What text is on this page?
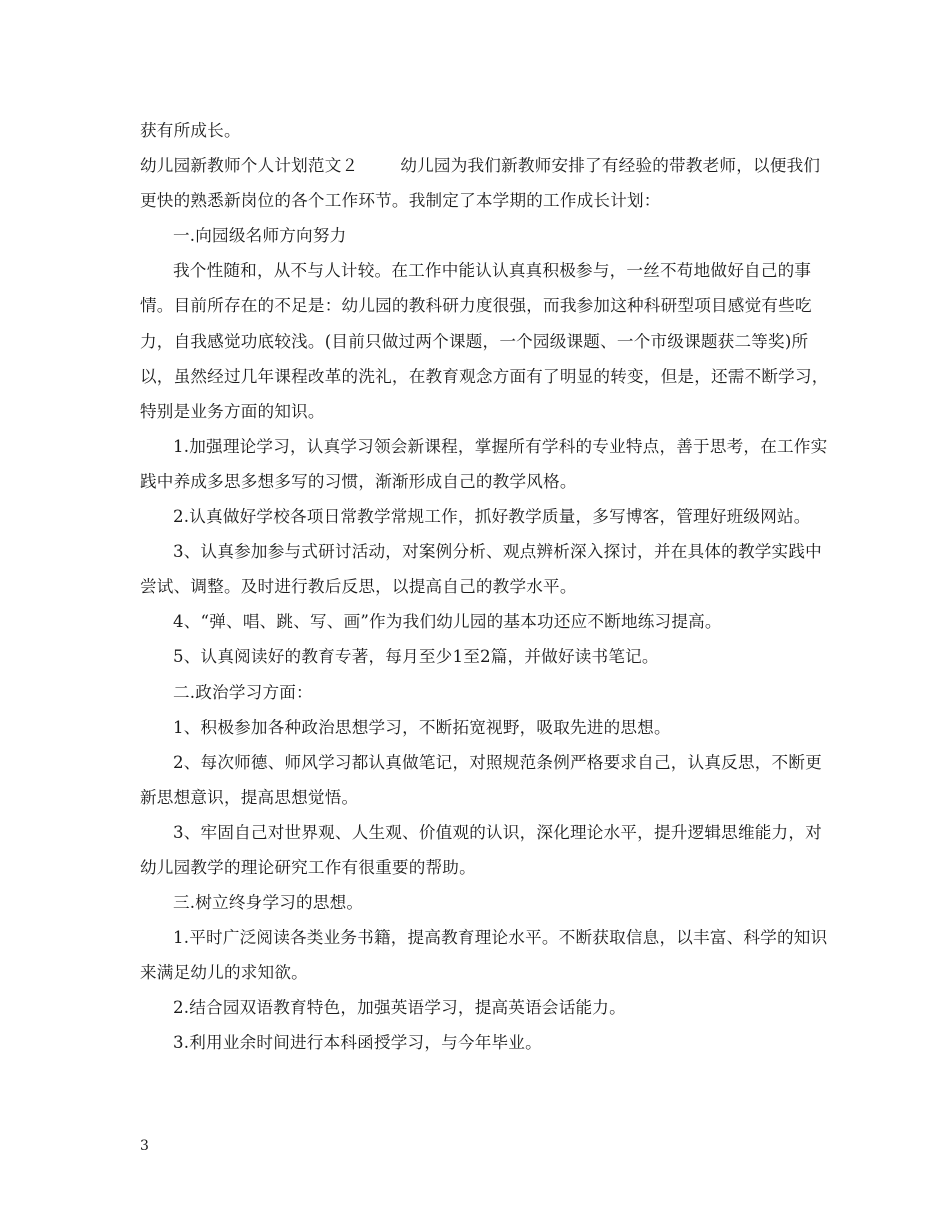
获有所成长。

幼儿园新教师个人计划范文２	幼儿园为我们新教师安排了有经验的带教老师，以便我们更快的熟悉新岗位的各个工作环节。我制定了本学期的工作成长计划：

一.向园级名师方向努力

我个性随和，从不与人计较。在工作中能认认真真积极参与，一丝不苟地做好自己的事情。目前所存在的不足是：幼儿园的教科研力度很强，而我参加这种科研型项目感觉有些吃力，自我感觉功底较浅。(目前只做过两个课题，一个园级课题、一个市级课题获二等奖)所以，虽然经过几年课程改革的洗礼，在教育观念方面有了明显的转变，但是，还需不断学习，特别是业务方面的知识。

1.加强理论学习，认真学习领会新课程，掌握所有学科的专业特点，善于思考，在工作实践中养成多思多想多写的习惯，渐渐形成自己的教学风格。

2.认真做好学校各项日常教学常规工作，抓好教学质量，多写博客，管理好班级网站。

3、认真参加参与式研讨活动，对案例分析、观点辨析深入探讨，并在具体的教学实践中尝试、调整。及时进行教后反思，以提高自己的教学水平。

4、“弹、唱、跳、写、画”作为我们幼儿园的基本功还应不断地练习提高。

5、认真阅读好的教育专著，每月至少1至2篇，并做好读书笔记。

二.政治学习方面：

1、积极参加各种政治思想学习，不断拓宽视野，吸取先进的思想。

2、每次师德、师风学习都认真做笔记，对照规范条例严格要求自己，认真反思，不断更新思想意识，提高思想觉悟。

3、牢固自己对世界观、人生观、价值观的认识，深化理论水平，提升逻辑思维能力，对幼儿园教学的理论研究工作有很重要的帮助。

三.树立终身学习的思想。

1.平时广泛阅读各类业务书籍，提高教育理论水平。不断获取信息，以丰富、科学的知识来满足幼儿的求知欲。

2.结合园双语教育特色，加强英语学习，提高英语会话能力。

3.利用业余时间进行本科函授学习，与今年毕业。

3
